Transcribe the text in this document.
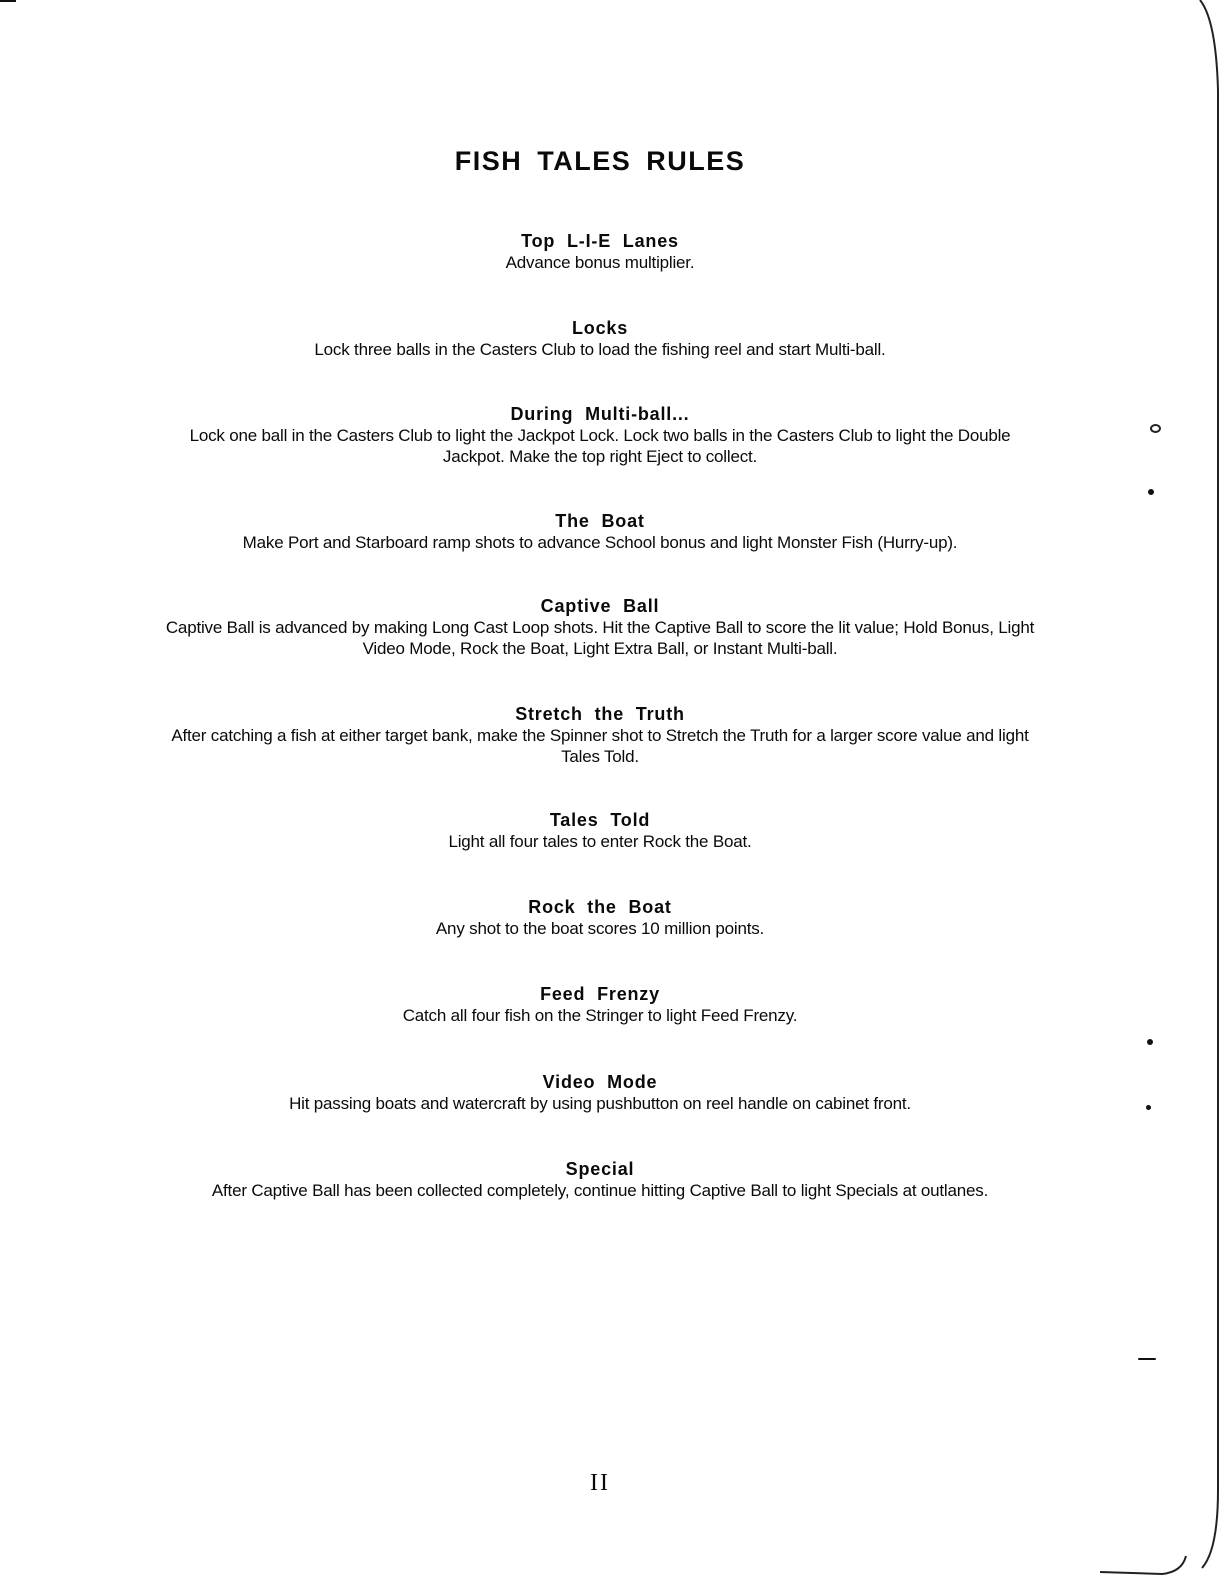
FISH TALES RULES
Top L-I-E Lanes
Advance bonus multiplier.
Locks
Lock three balls in the Casters Club to load the fishing reel and start Multi-ball.
During Multi-ball...
Lock one ball in the Casters Club to light the Jackpot Lock. Lock two balls in the Casters Club to light the Double Jackpot. Make the top right Eject to collect.
The Boat
Make Port and Starboard ramp shots to advance School bonus and light Monster Fish (Hurry-up).
Captive Ball
Captive Ball is advanced by making Long Cast Loop shots. Hit the Captive Ball to score the lit value; Hold Bonus, Light Video Mode, Rock the Boat, Light Extra Ball, or Instant Multi-ball.
Stretch the Truth
After catching a fish at either target bank, make the Spinner shot to Stretch the Truth for a larger score value and light Tales Told.
Tales Told
Light all four tales to enter Rock the Boat.
Rock the Boat
Any shot to the boat scores 10 million points.
Feed Frenzy
Catch all four fish on the Stringer to light Feed Frenzy.
Video Mode
Hit passing boats and watercraft by using pushbutton on reel handle on cabinet front.
Special
After Captive Ball has been collected completely, continue hitting Captive Ball to light Specials at outlanes.
II
